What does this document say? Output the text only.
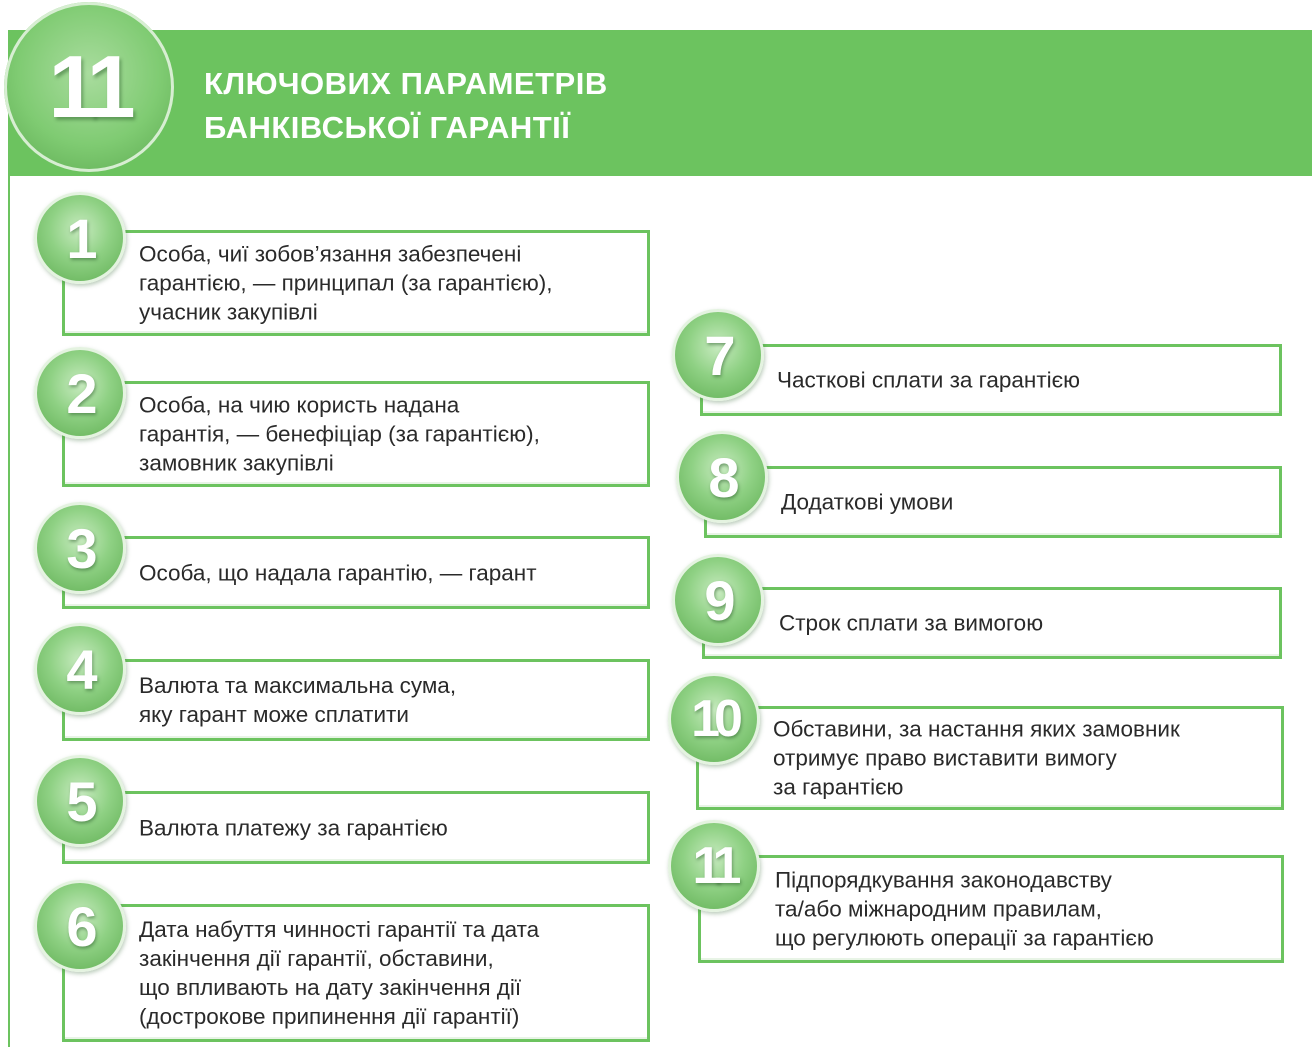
11 КЛЮЧОВИХ ПАРАМЕТРІВ
БАНКІВСЬКОЇ ГАРАНТІЇ
Особа, чиї зобов’язання забезпечені
гарантією, — принципал (за гарантією),
учасник закупівлі
1
Особа, на чию користь надана
гарантія, — бенефіціар (за гарантією),
замовник закупівлі
2
Особа, що надала гарантію, — гарант
3
Валюта та максимальна сума,
яку гарант може сплатити
4
Валюта платежу за гарантією
5
Дата набуття чинності гарантії та дата
закінчення дії гарантії, обставини,
що впливають на дату закінчення дії
(дострокове припинення дії гарантії)
6
Часткові сплати за гарантією
7
Додаткові умови
8
Строк сплати за вимогою
9
Обставини, за настання яких замовник
отримує право виставити вимогу
за гарантією
10
Підпорядкування законодавству
та/або міжнародним правилам,
що регулюють операції за гарантією
11
